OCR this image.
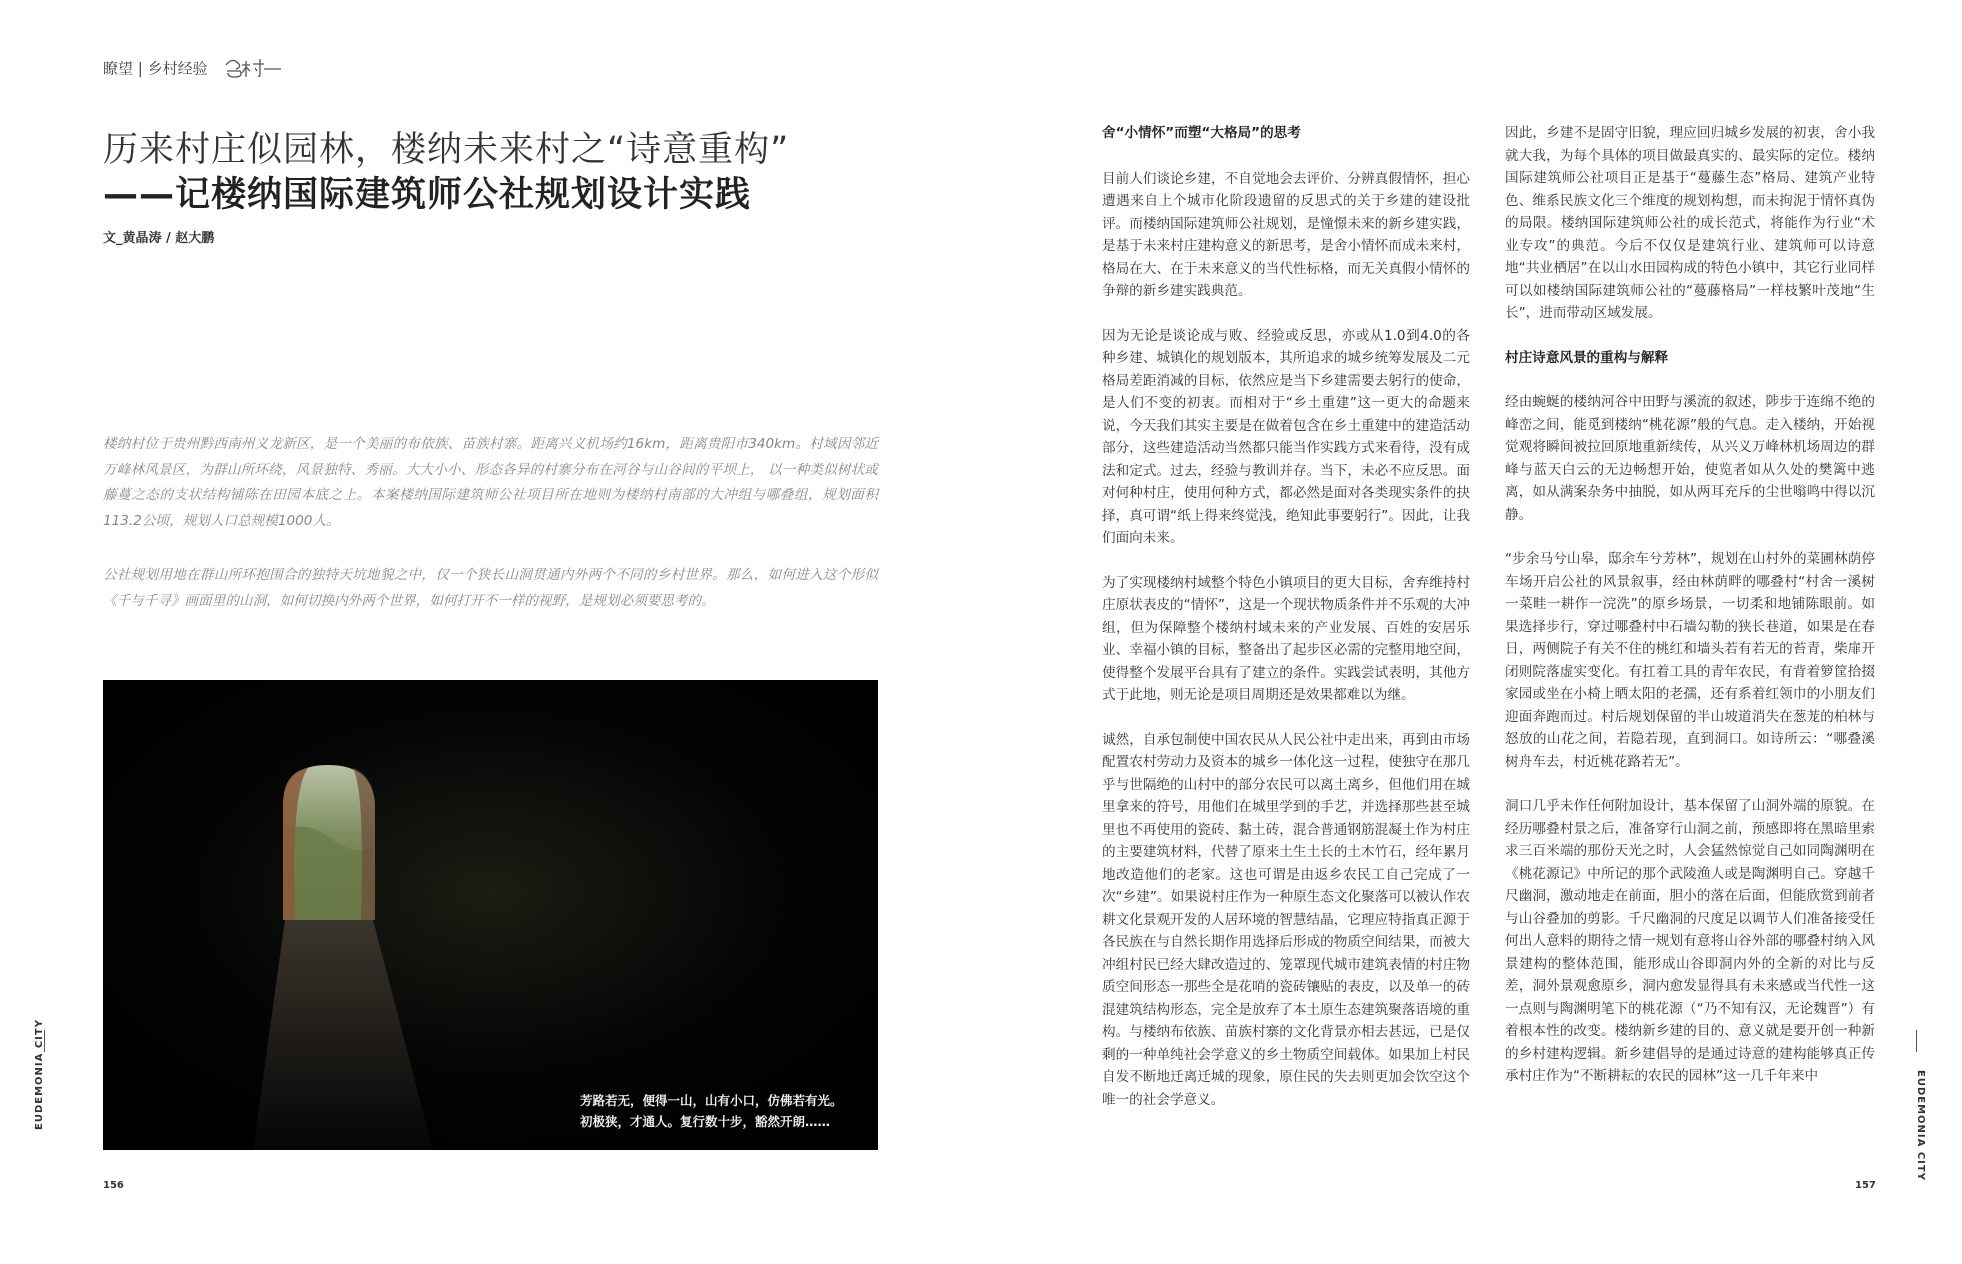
瞭望 | 乡村经验
历来村庄似园林，楼纳未来村之“诗意重构”
——记楼纳国际建筑师公社规划设计实践
文_黄晶涛 / 赵大鹏

楼纳村位于贵州黔西南州义龙新区，是一个美丽的布依族、苗族村寨。距离兴义机场约16km，距离贵阳市340km。村域因邻近万峰林风景区，为群山所环绕，风景独特、秀丽。大大小小、形态各异的村寨分布在河谷与山谷间的平坝上， 以一种类似树状或藤蔓之态的支状结构铺陈在田园本底之上。本案楼纳国际建筑师公社项目所在地则为楼纳村南部的大冲组与哪叠组，规划面积113.2公顷，规划人口总规模1000人。

公社规划用地在群山所环抱围合的独特天坑地貌之中，仅一个狭长山洞贯通内外两个不同的乡村世界。那么，如何进入这个形似《千与千寻》画面里的山洞，如何切换内外两个世界，如何打开不一样的视野，是规划必须要思考的。

芳路若无，便得一山，山有小口，仿佛若有光。
初极狭，才通人。复行数十步，豁然开朗……
舍“小情怀”而塑“大格局”的思考

目前人们谈论乡建，不自觉地会去评价、分辨真假情怀，担心遭遇来自上个城市化阶段遗留的反思式的关于乡建的建设批评。而楼纳国际建筑师公社规划，是憧憬未来的新乡建实践，是基于未来村庄建构意义的新思考，是舍小情怀而成未来村，格局在大、在于未来意义的当代性标格，而无关真假小情怀的争辩的新乡建实践典范。

因为无论是谈论成与败、经验或反思，亦或从1.0到4.0的各种乡建、城镇化的规划版本，其所追求的城乡统筹发展及二元格局差距消减的目标，依然应是当下乡建需要去躬行的使命，是人们不变的初衷。而相对于“乡土重建”这一更大的命题来说，今天我们其实主要是在做着包含在乡土重建中的建造活动部分，这些建造活动当然都只能当作实践方式来看待，没有成法和定式。过去，经验与教训并存。当下，未必不应反思。面对何种村庄，使用何种方式，都必然是面对各类现实条件的抉择，真可谓“纸上得来终觉浅，绝知此事要躬行”。因此，让我们面向未来。

为了实现楼纳村域整个特色小镇项目的更大目标，舍弃维持村庄原状表皮的“情怀”，这是一个现状物质条件并不乐观的大冲组，但为保障整个楼纳村域未来的产业发展、百姓的安居乐业、幸福小镇的目标，整备出了起步区必需的完整用地空间，使得整个发展平台具有了建立的条件。实践尝试表明，其他方式于此地，则无论是项目周期还是效果都难以为继。

诚然，自承包制使中国农民从人民公社中走出来，再到由市场配置农村劳动力及资本的城乡一体化这一过程，使独守在那几乎与世隔绝的山村中的部分农民可以离土离乡，但他们用在城里拿来的符号，用他们在城里学到的手艺，并选择那些甚至城里也不再使用的瓷砖、黏土砖，混合普通钢筋混凝土作为村庄的主要建筑材料，代替了原来土生土长的土木竹石，经年累月地改造他们的老家。这也可谓是由返乡农民工自己完成了一次“乡建”。如果说村庄作为一种原生态文化聚落可以被认作农耕文化景观开发的人居环境的智慧结晶，它理应特指真正源于各民族在与自然长期作用选择后形成的物质空间结果，而被大冲组村民已经大肆改造过的、笼罩现代城市建筑表情的村庄物质空间形态一那些全是花哨的瓷砖镶贴的表皮，以及单一的砖混建筑结构形态，完全是放弃了本土原生态建筑聚落语境的重构。与楼纳布依族、苗族村寨的文化背景亦相去甚远，已是仅剩的一种单纯社会学意义的乡土物质空间载体。如果加上村民自发不断地迁离迁城的现象，原住民的失去则更加会饮空这个唯一的社会学意义。

因此，乡建不是固守旧貌，理应回归城乡发展的初衷，舍小我就大我，为每个具体的项目做最真实的、最实际的定位。楼纳国际建筑师公社项目正是基于“蔓藤生态”格局、建筑产业特色、维系民族文化三个维度的规划构想，而未拘泥于情怀真伪的局限。楼纳国际建筑师公社的成长范式，将能作为行业“术业专攻”的典范。今后不仅仅是建筑行业、建筑师可以诗意地“共业栖居”在以山水田园构成的特色小镇中，其它行业同样可以如楼纳国际建筑师公社的“蔓藤格局”一样枝繁叶茂地“生长”，进而带动区域发展。

村庄诗意风景的重构与解释

经由蜿蜒的楼纳河谷中田野与溪流的叙述，陟步于连绵不绝的峰峦之间，能觅到楼纳“桃花源”般的气息。走入楼纳，开始视觉观将瞬间被拉回原地重新续传，从兴义万峰林机场周边的群峰与蓝天白云的无边畅想开始，使览者如从久处的樊篱中逃离，如从满案杂务中抽脱，如从两耳充斥的尘世嗡鸣中得以沉静。

“步余马兮山皋，邸余车兮芳林”，规划在山村外的菜圃林荫停车场开启公社的风景叙事，经由林荫畔的哪叠村“村舍一溪树一菜畦一耕作一浣洗”的原乡场景，一切柔和地铺陈眼前。如果选择步行，穿过哪叠村中石墙勾勒的狭长巷道，如果是在春日，两侧院子有关不住的桃红和墙头若有若无的苔青，柴扉开闭则院落虚实变化。有扛着工具的青年农民，有背着箩筐拾掇家园或坐在小椅上晒太阳的老孺，还有系着红领巾的小朋友们迎面奔跑而过。村后规划保留的半山坡道消失在葱茏的柏林与怒放的山花之间，若隐若现，直到洞口。如诗所云：“哪叠溪树舟车去，村近桃花路若无”。

洞口几乎未作任何附加设计，基本保留了山洞外端的原貌。在经历哪叠村景之后，准备穿行山洞之前，预感即将在黑暗里索求三百米端的那份天光之时，人会猛然惊觉自己如同陶渊明在《桃花源记》中所记的那个武陵渔人或是陶渊明自己。穿越千尺幽洞，激动地走在前面，胆小的落在后面，但能欣赏到前者与山谷叠加的剪影。千尺幽洞的尺度足以调节人们准备接受任何出人意料的期待之情一规划有意将山谷外部的哪叠村纳入风景建构的整体范围，能形成山谷即洞内外的全新的对比与反差，洞外景观愈原乡，洞内愈发显得具有未来感或当代性一这一点则与陶渊明笔下的桃花源（“乃不知有汉，无论魏晋”）有着根本性的改变。楼纳新乡建的目的、意义就是要开创一种新的乡村建构逻辑。新乡建倡导的是通过诗意的建构能够真正传承村庄作为“不断耕耘的农民的园林”这一几千年来中

EUDEMONIA CITY	EUDEMONIA CITY
156	157
